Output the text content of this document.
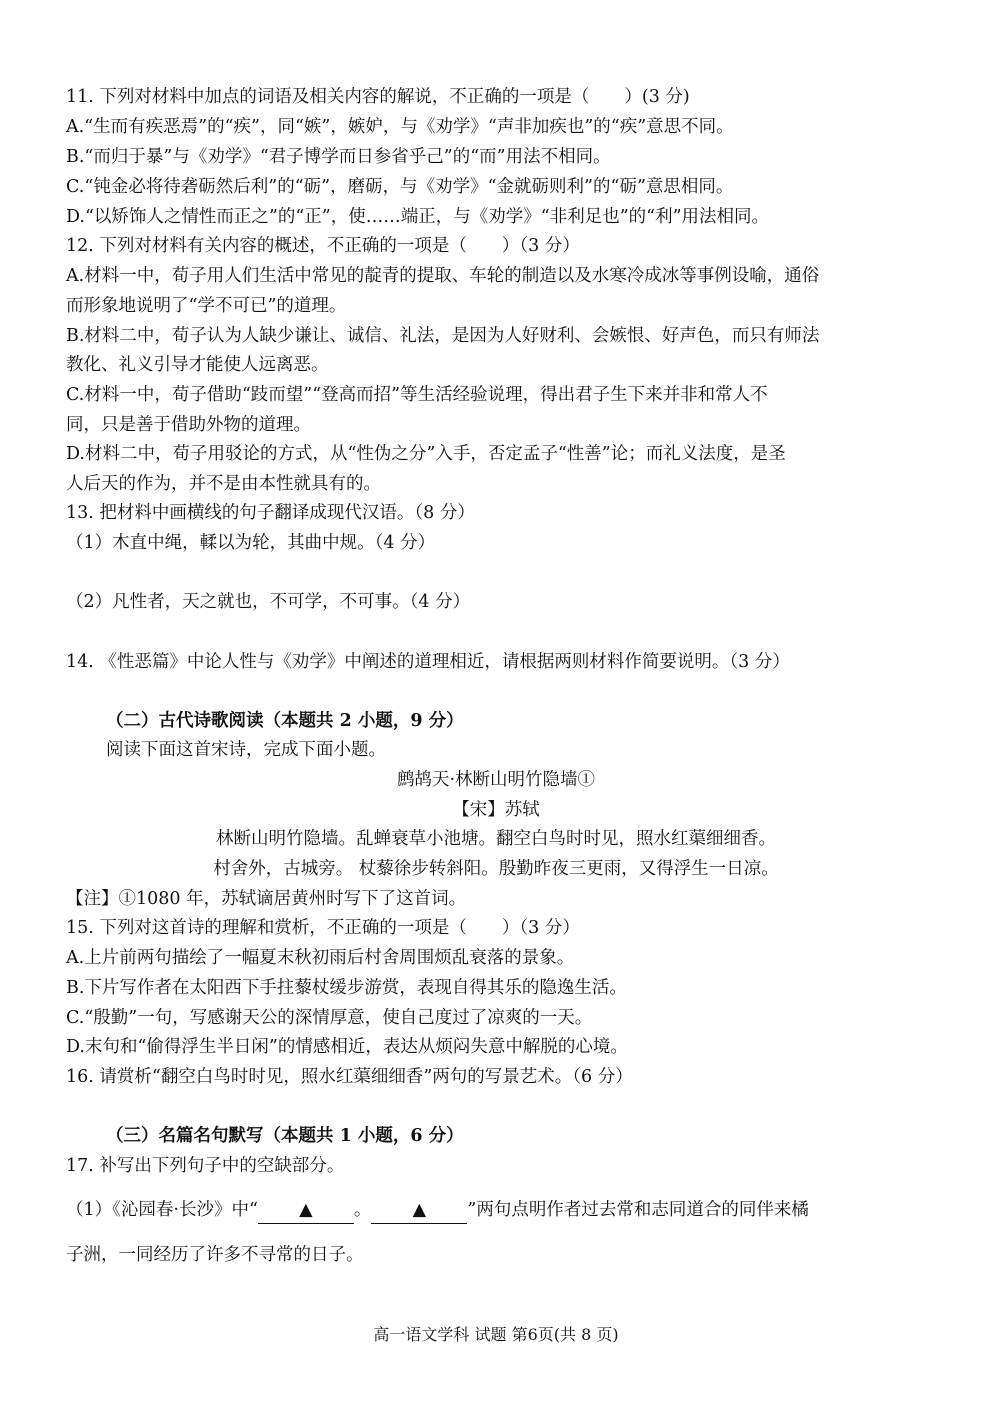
11. 下列对材料中加点的词语及相关内容的解说，不正确的一项是（　　）(3 分)
A.“生而有疾恶焉”的“疾”，同“嫉”，嫉妒，与《劝学》“声非加疾也”的“疾”意思不同。
B.“而归于暴”与《劝学》“君子博学而日参省乎己”的“而”用法不相同。
C.“钝金必将待砻砺然后利”的“砺”，磨砺，与《劝学》“金就砺则利”的“砺”意思相同。
D.“以矫饰人之情性而正之”的“正”，使……端正，与《劝学》“非利足也”的“利”用法相同。
12. 下列对材料有关内容的概述，不正确的一项是（　　）（3 分）
A.材料一中，荀子用人们生活中常见的靛青的提取、车轮的制造以及水寒冷成冰等事例设喻，通俗
而形象地说明了“学不可已”的道理。
B.材料二中，荀子认为人缺少谦让、诚信、礼法，是因为人好财利、会嫉恨、好声色，而只有师法
教化、礼义引导才能使人远离恶。
C.材料一中，荀子借助“跂而望”“登高而招”等生活经验说理，得出君子生下来并非和常人不
同，只是善于借助外物的道理。
D.材料二中，荀子用驳论的方式，从“性伪之分”入手，否定孟子“性善”论；而礼义法度，是圣
人后天的作为，并不是由本性就具有的。
13. 把材料中画横线的句子翻译成现代汉语。（8 分）
（1）木直中绳，輮以为轮，其曲中规。（4 分）
（2）凡性者，天之就也，不可学，不可事。（4 分）
14. 《性恶篇》中论人性与《劝学》中阐述的道理相近，请根据两则材料作简要说明。（3 分）
（二）古代诗歌阅读（本题共 2 小题，9 分）
阅读下面这首宋诗，完成下面小题。
鹧鸪天·林断山明竹隐墙①
【宋】苏轼
林断山明竹隐墙。乱蝉衰草小池塘。翻空白鸟时时见，照水红蕖细细香。
村舍外，古城旁。 杖藜徐步转斜阳。殷勤昨夜三更雨，又得浮生一日凉。
【注】①1080 年，苏轼谪居黄州时写下了这首词。
15. 下列对这首诗的理解和赏析，不正确的一项是（　　）（3 分）
A.上片前两句描绘了一幅夏末秋初雨后村舍周围烦乱衰落的景象。
B.下片写作者在太阳西下手拄藜杖缓步游赏，表现自得其乐的隐逸生活。
C.“殷勤”一句，写感谢天公的深情厚意，使自己度过了凉爽的一天。
D.末句和“偷得浮生半日闲”的情感相近，表达从烦闷失意中解脱的心境。
16. 请赏析“翻空白鸟时时见，照水红蕖细细香”两句的写景艺术。（6 分）
（三）名篇名句默写（本题共 1 小题，6 分）
17. 补写出下列句子中的空缺部分。
（1）《沁园春·长沙》中“ ▲ 。 ▲ ”两句点明作者过去常和志同道合的同伴来橘
子洲，一同经历了许多不寻常的日子。
高一语文学科 试题 第6页(共 8 页)
